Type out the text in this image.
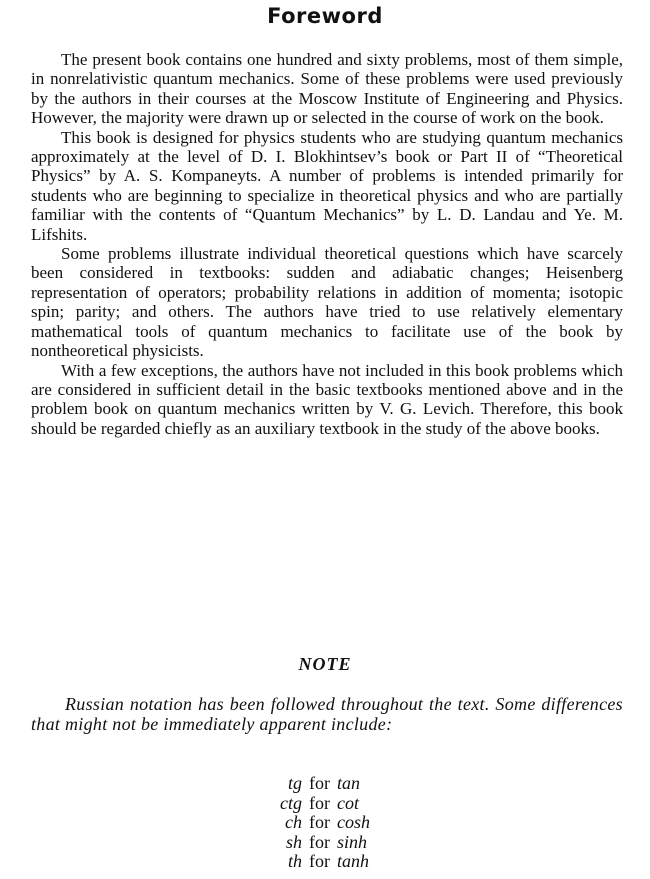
Foreword

The present book contains one hundred and sixty problems, most of them simple, in nonrelativistic quantum mechanics. Some of these problems were used previously by the authors in their courses at the Moscow Institute of Engineering and Physics. However, the majority were drawn up or selected in the course of work on the book.

This book is designed for physics students who are studying quantum mechanics approximately at the level of D. I. Blokhintsev’s book or Part II of “Theoretical Physics” by A. S. Kompaneyts. A number of problems is intended primarily for students who are beginning to specialize in theoretical physics and who are partially familiar with the contents of “Quantum Mechanics” by L. D. Landau and Ye. M. Lifshits.

Some problems illustrate individual theoretical questions which have scarcely been considered in textbooks: sudden and adiabatic changes; Heisenberg representation of operators; probability relations in addition of momenta; isotopic spin; parity; and others. The authors have tried to use relatively elementary mathematical tools of quantum mechanics to facilitate use of the book by nontheoretical physicists.

With a few exceptions, the authors have not included in this book problems which are considered in sufficient detail in the basic textbooks mentioned above and in the problem book on quantum mechanics written by V. G. Levich. Therefore, this book should be regarded chiefly as an auxiliary textbook in the study of the above books.

NOTE

Russian notation has been followed throughout the text. Some differences that might not be immediately apparent include:

tg	for	tan
ctg	for	cot
ch	for	cosh
sh	for	sinh
th	for	tanh
